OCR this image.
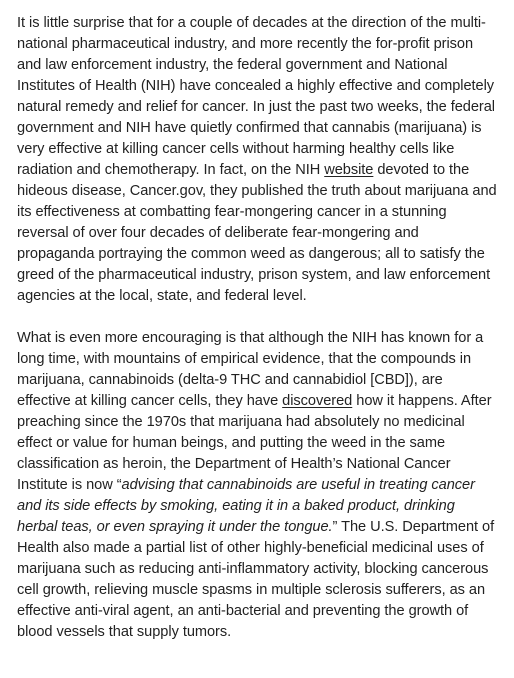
It is little surprise that for a couple of decades at the direction of the multi-national pharmaceutical industry, and more recently the for-profit prison and law enforcement industry, the federal government and National Institutes of Health (NIH) have concealed a highly effective and completely natural remedy and relief for cancer. In just the past two weeks, the federal government and NIH have quietly confirmed that cannabis (marijuana) is very effective at killing cancer cells without harming healthy cells like radiation and chemotherapy. In fact, on the NIH website devoted to the hideous disease, Cancer.gov, they published the truth about marijuana and its effectiveness at combatting fear-mongering cancer in a stunning reversal of over four decades of deliberate fear-mongering and propaganda portraying the common weed as dangerous; all to satisfy the greed of the pharmaceutical industry, prison system, and law enforcement agencies at the local, state, and federal level.

What is even more encouraging is that although the NIH has known for a long time, with mountains of empirical evidence, that the compounds in marijuana, cannabinoids (delta-9 THC and cannabidiol [CBD]), are effective at killing cancer cells, they have discovered how it happens. After preaching since the 1970s that marijuana had absolutely no medicinal effect or value for human beings, and putting the weed in the same classification as heroin, the Department of Health’s National Cancer Institute is now “advising that cannabinoids are useful in treating cancer and its side effects by smoking, eating it in a baked product, drinking herbal teas, or even spraying it under the tongue.” The U.S. Department of Health also made a partial list of other highly-beneficial medicinal uses of marijuana such as reducing anti-inflammatory activity, blocking cancerous cell growth, relieving muscle spasms in multiple sclerosis sufferers, as an effective anti-viral agent, an anti-bacterial and preventing the growth of blood vessels that supply tumors.
